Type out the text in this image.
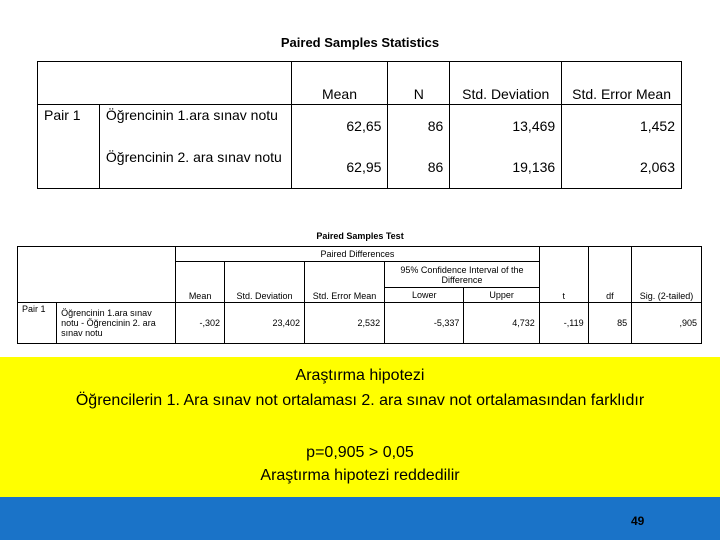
Paired Samples Statistics
		Mean	N	Std. Deviation	Std. Error Mean
Pair 1	Öğrencinin 1.ara sınav notu	62,65	86	13,469	1,452
	Öğrencinin 2. ara sınav notu	62,95	86	19,136	2,063
Paired Samples Test
		Paired Differences					t	df	Sig. (2-tailed)
		Mean	Std. Deviation	Std. Error Mean	95% Confidence Interval of the Difference				
					Lower	Upper			
Pair 1	Öğrencinin 1.ara sınav notu - Öğrencinin 2. ara sınav notu	-,302	23,402	2,532	-5,337	4,732	-,119	85	,905
Araştırma hipotezi
Öğrencilerin 1. Ara sınav not ortalaması 2. ara sınav not ortalamasından farklıdır
p=0,905 > 0,05
Araştırma hipotezi reddedilir
49
